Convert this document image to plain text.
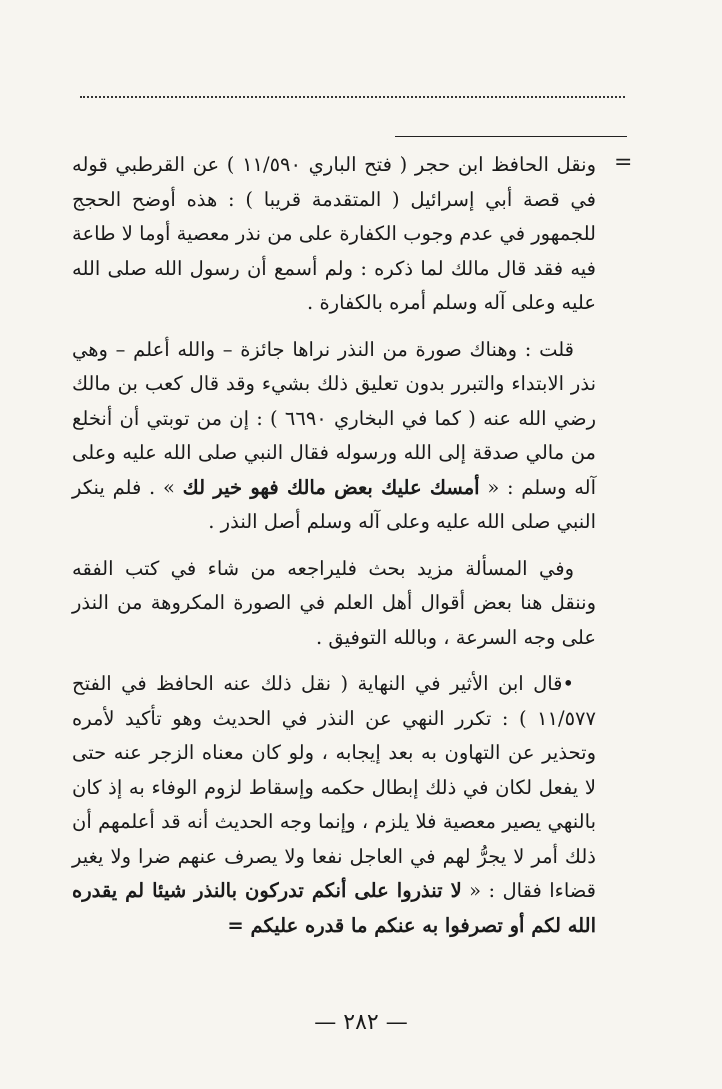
=

ونقل الحافظ ابن حجر ( فتح الباري ١١/٥٩٠ ) عن القرطبي قوله في قصة أبي إسرائيل ( المتقدمة قريبا ) : هذه أوضح الحجج للجمهور في عدم وجوب الكفارة على من نذر معصية أوما لا طاعة فيه فقد قال مالك لما ذكره : ولم أسمع أن رسول الله صلى الله عليه وعلى آله وسلم أمره بالكفارة .

قلت : وهناك صورة من النذر نراها جائزة – والله أعلم – وهي نذر الابتداء والتبرر بدون تعليق ذلك بشيء وقد قال كعب بن مالك رضي الله عنه ( كما في البخاري ٦٦٩٠ ) : إن من توبتي أن أنخلع من مالي صدقة إلى الله ورسوله فقال النبي صلى الله عليه وعلى آله وسلم : « أمسك عليك بعض مالك فهو خير لك » . فلم ينكر النبي صلى الله عليه وعلى آله وسلم أصل النذر .

وفي المسألة مزيد بحث فليراجعه من شاء في كتب الفقه وننقل هنا بعض أقوال أهل العلم في الصورة المكروهة من النذر على وجه السرعة ، وبالله التوفيق .

•قال ابن الأثير في النهاية ( نقل ذلك عنه الحافظ في الفتح ١١/٥٧٧ ) : تكرر النهي عن النذر في الحديث وهو تأكيد لأمره وتحذير عن التهاون به بعد إيجابه ، ولو كان معناه الزجر عنه حتى لا يفعل لكان في ذلك إبطال حكمه وإسقاط لزوم الوفاء به إذ كان بالنهي يصير معصية فلا يلزم ، وإنما وجه الحديث أنه قد أعلمهم أن ذلك أمر لا يجرُّ لهم في العاجل نفعا ولا يصرف عنهم ضرا ولا يغير قضاءا فقال : « لا تنذروا على أنكم تدركون بالنذر شيئا لم يقدره الله لكم أو تصرفوا به عنكم ما قدره عليكم =

— ٢٨٢ —
